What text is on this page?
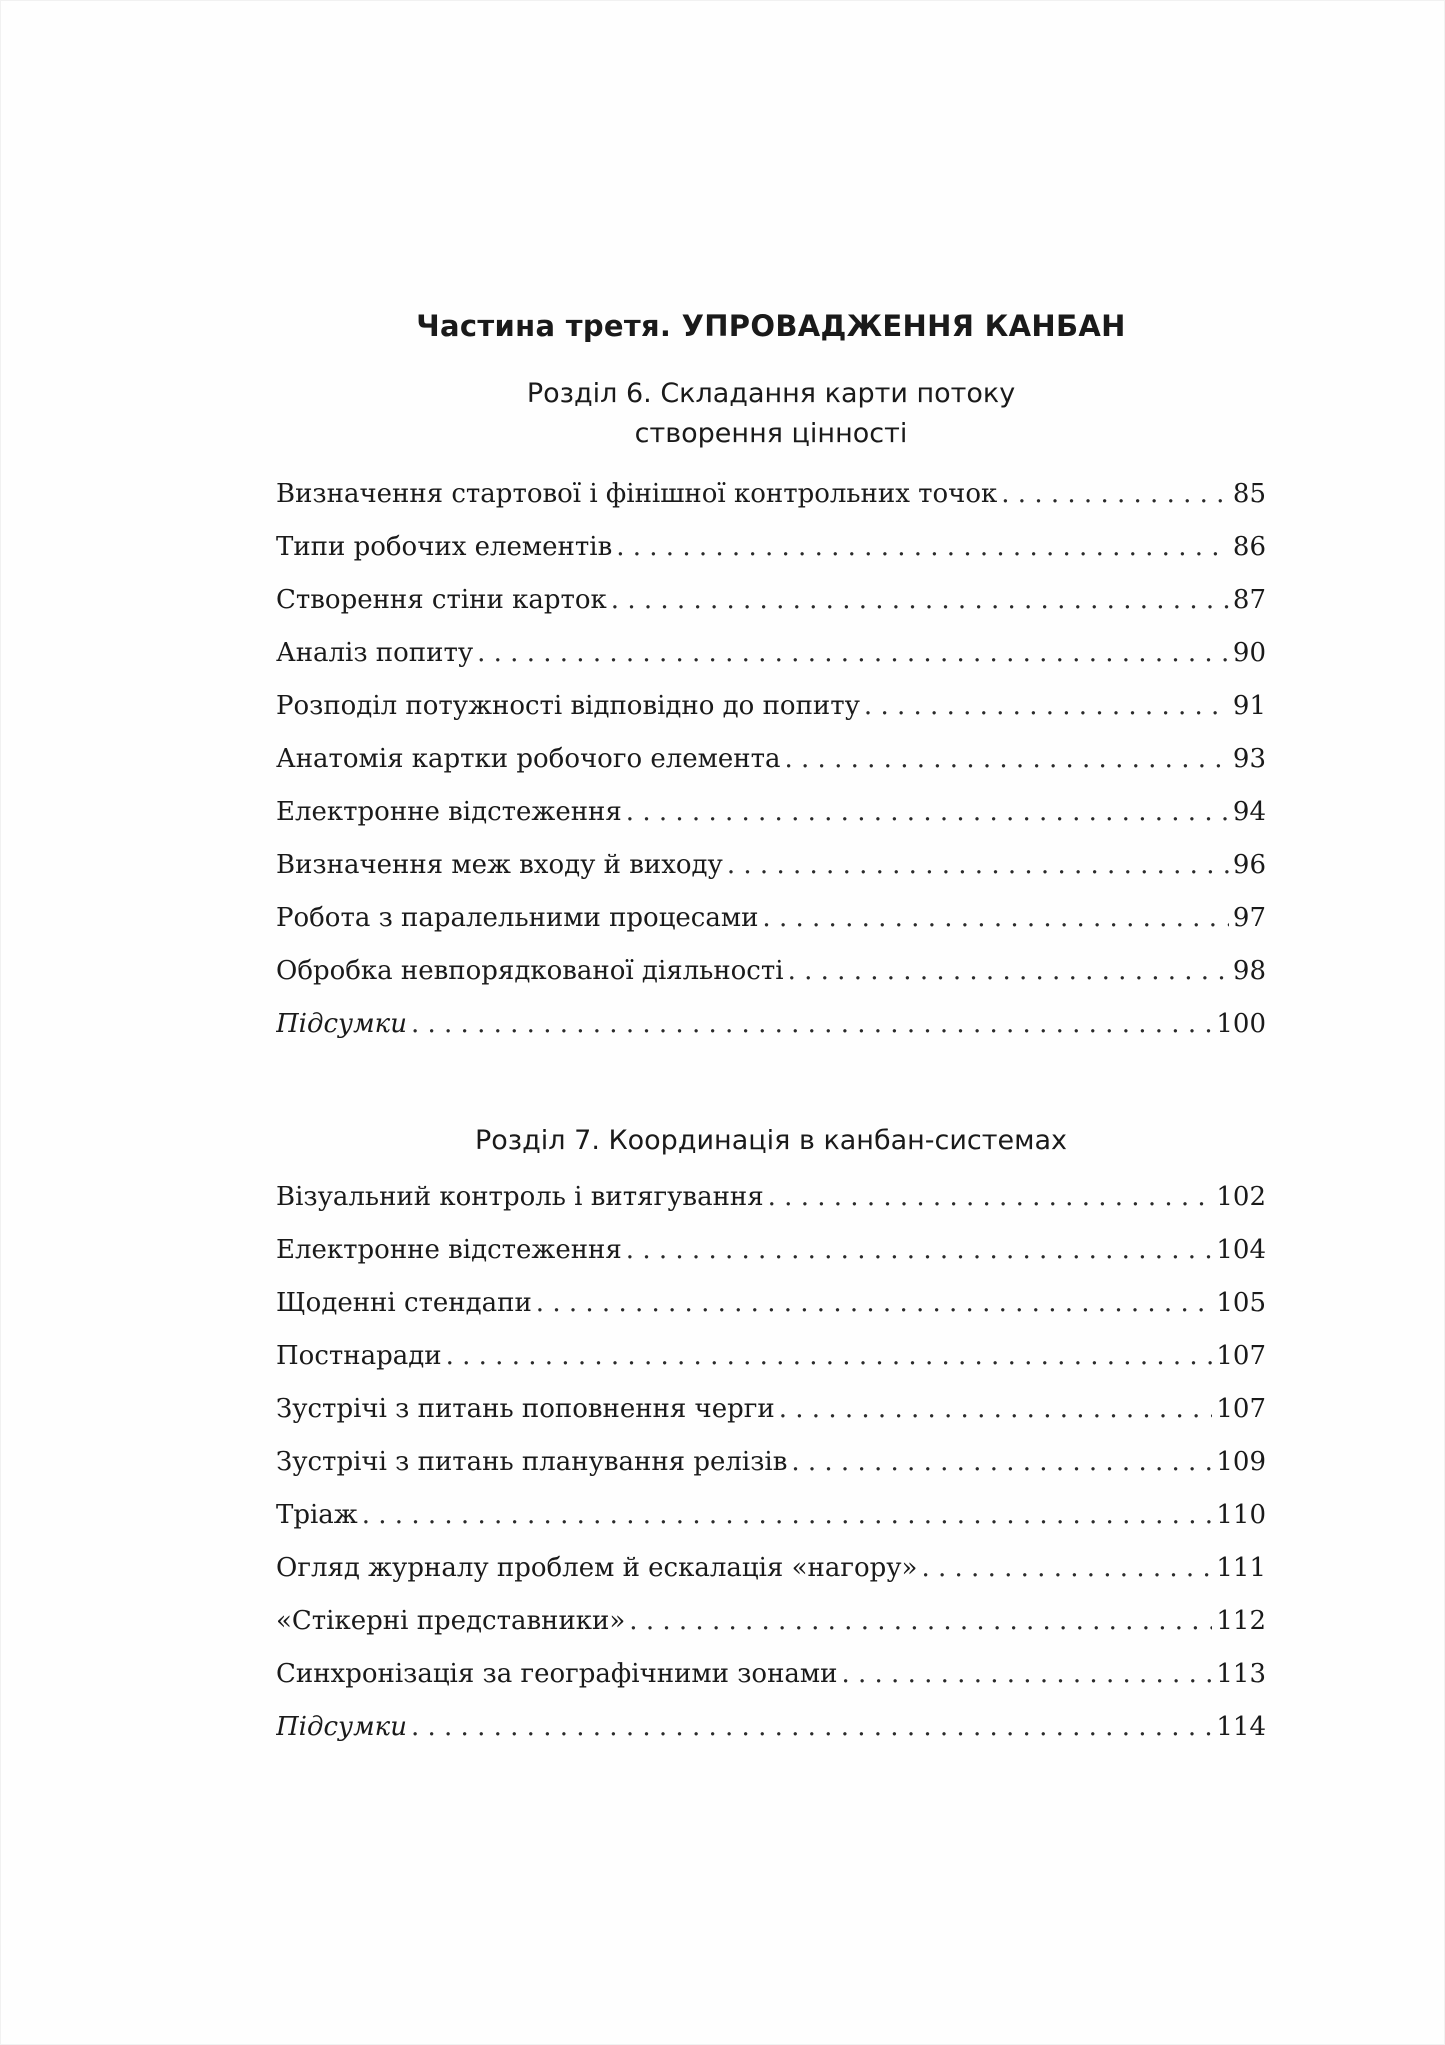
Частина третя. УПРОВАДЖЕННЯ КАНБАН
Розділ 6. Складання карти потоку
створення цінності
Визначення стартової і фінішної контрольних точок . . .	85
Типи робочих елементів . . .	86
Створення стіни карток . . .	87
Аналіз попиту . . .	90
Розподіл потужності відповідно до попиту . . .	91
Анатомія картки робочого елемента . . .	93
Електронне відстеження . . .	94
Визначення меж входу й виходу . . .	96
Робота з паралельними процесами . . .	97
Обробка невпорядкованої діяльності . . .	98
Підсумки . . .	100
Розділ 7. Координація в канбан-системах
Візуальний контроль і витягування . . .	102
Електронне відстеження . . .	104
Щоденні стендапи . . .	105
Постнаради . . .	107
Зустрічі з питань поповнення черги . . .	107
Зустрічі з питань планування релізів . . .	109
Тріаж . . .	110
Огляд журналу проблем й ескалація «нагору» . . .	111
«Стікерні представники» . . .	112
Синхронізація за географічними зонами . . .	113
Підсумки . . .	114
